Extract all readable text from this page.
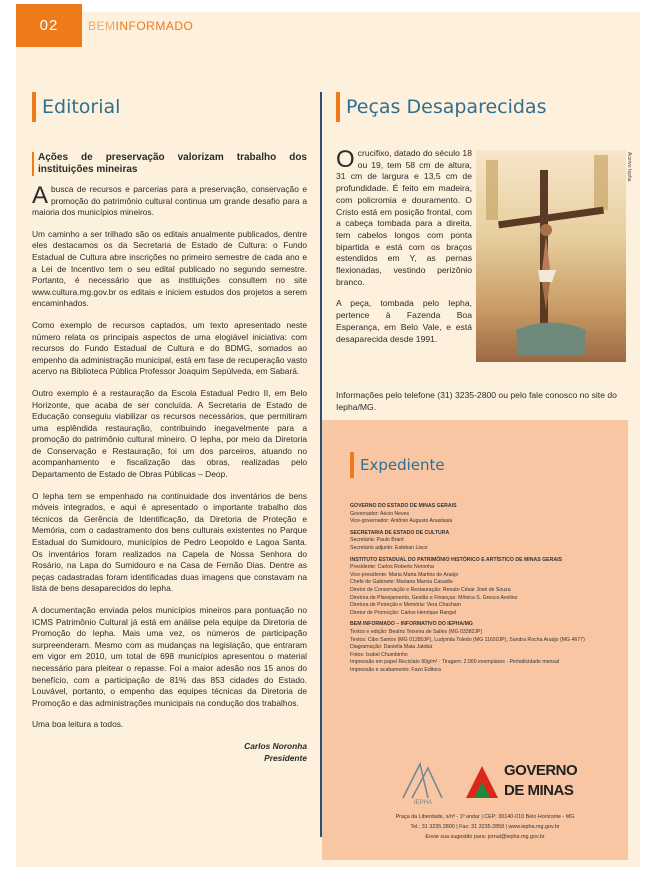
02	BEMINFORMADO
Editorial
Ações de preservação valorizam trabalho dos instituições mineiras

A busca de recursos e parcerias para a preservação, conservação e promoção do patrimônio cultural continua um grande desafio para a maioria dos municípios mineiros.

Um caminho a ser trilhado são os editais anualmente publicados, dentre eles destacamos os da Secretaria de Estado de Cultura: o Fundo Estadual de Cultura abre inscrições no primeiro semestre de cada ano e a Lei de Incentivo tem o seu edital publicado no segundo semestre. Portanto, é necessário que as instituições consultem no site www.cultura.mg.gov.br os editais e iniciem estudos dos projetos a serem encaminhados.

Como exemplo de recursos captados, um texto apresentado neste número relata os principais aspectos de uma elogiável iniciativa: com recursos do Fundo Estadual de Cultura e do BDMG, somados ao empenho da administração municipal, está em fase de recuperação vasto acervo na Biblioteca Pública Professor Joaquim Sepúlveda, em Sabará.

Outro exemplo é a restauração da Escola Estadual Pedro II, em Belo Horizonte, que acaba de ser concluída. A Secretaria de Estado de Educação conseguiu viabilizar os recursos necessários, que permitiram uma esplêndida restauração, contribuindo inegavelmente para a promoção do patrimônio cultural mineiro. O Iepha, por meio da Diretoria de Conservação e Restauração, foi um dos parceiros, atuando no acompanhamento e fiscalização das obras, realizadas pelo Departamento de Estado de Obras Públicas – Deop.

O Iepha tem se empenhado na continuidade dos inventários de bens móveis integrados, e aqui é apresentado o importante trabalho dos técnicos da Gerência de Identificação, da Diretoria de Proteção e Memória, com o cadastramento dos bens culturais existentes no Parque Estadual do Sumidouro, municípios de Pedro Leopoldo e Lagoa Santa. Os inventários foram realizados na Capela de Nossa Senhora do Rosário, na Lapa do Sumidouro e na Casa de Fernão Dias. Dentre as peças cadastradas foram identificadas duas imagens que constavam na lista de bens desaparecidos do Iepha.

A documentação enviada pelos municípios mineiros para pontuação no ICMS Patrimônio Cultural já está em análise pela equipe da Diretoria de Promoção do Iepha. Mais uma vez, os números de participação surpreenderam. Mesmo com as mudanças na legislação, que entraram em vigor em 2010, um total de 698 municípios apresentou o material necessário para pleitear o repasse. Foi a maior adesão nos 15 anos do benefício, com a participação de 81% das 853 cidades do Estado. Louvável, portanto, o empenho das equipes técnicas da Diretoria de Promoção e das administrações municipais na condução dos trabalhos.

Uma boa leitura a todos.

Carlos Noronha
Presidente
Peças Desaparecidas

O crucifixo, datado do século 18 ou 19, tem 58 cm de altura, 31 cm de largura e 13,5 cm de profundidade. É feito em madeira, com policromia e douramento. O Cristo está em posição frontal, com a cabeça tombada para a direita, tem cabelos longos com ponta bipartida e está com os braços estendidos em Y, as pernas flexionadas, vestindo perizônio branco.

A peça, tombada pelo Iepha, pertence à Fazenda Boa Esperança, em Belo Vale, e está desaparecida desde 1991.

Acervo Iepha
Informações pelo telefone (31) 3235-2800 ou pelo fale conosco no site do Iepha/MG.
Expediente
GOVERNO DO ESTADO DE MINAS GERAIS
Governador: Aécio Neves
Vice-governador: Antônio Augusto Anastasia
SECRETARIA DE ESTADO DE CULTURA
Secretária: Paulo Brant
Secretário adjunto: Esteban Lisco
INSTITUTO ESTADUAL DO PATRIMÔNIO HISTÓRICO E ARTÍSTICO DE MINAS GERAIS
Presidente: Carlos Roberto Noronha
Vice-presidente: Maria Marta Martins de Araújo
Chefe de Gabinete: Mariana Marcia Casadio
Diretor de Conservação e Restauração: Renato César José de Souza
Diretora de Planejamento, Gestão e Finanças: Mônica S. Gresco Avelino
Diretora de Proteção e Memória: Vera Chacham
Diretor de Promoção: Carlos Henrique Rangel
BEM INFORMADO – INFORMATIVO DO IEPHA/MG
Textos e edição: Beatriz Teixeira de Salles (MG 03382JP)
Textos: Cibo Santos (MG 01280JP), Ludymila Toledo (MG 11650JP), Sandra Rocha Araújo (MG 4677)
Diagramação: Daniella Maia Jatobá
Fotos: Isabel Chumbinho
Impressão em papel Reciclato 90g/m² · Tiragem: 2.000 exemplares · Periodicidade mensal
Impressão e acabamento: Fazo Editora
IEPHA
GOVERNO
DE MINAS
Praça da Liberdade, s/nº - 1º andar | CEP: 30140-010 Belo Horizonte - MG
Tel.: 31 3235.2800 | Fax: 31 3235.2858 | www.iepha.mg.gov.br
Envie sua sugestão para: jornal@iepha.mg.gov.br
